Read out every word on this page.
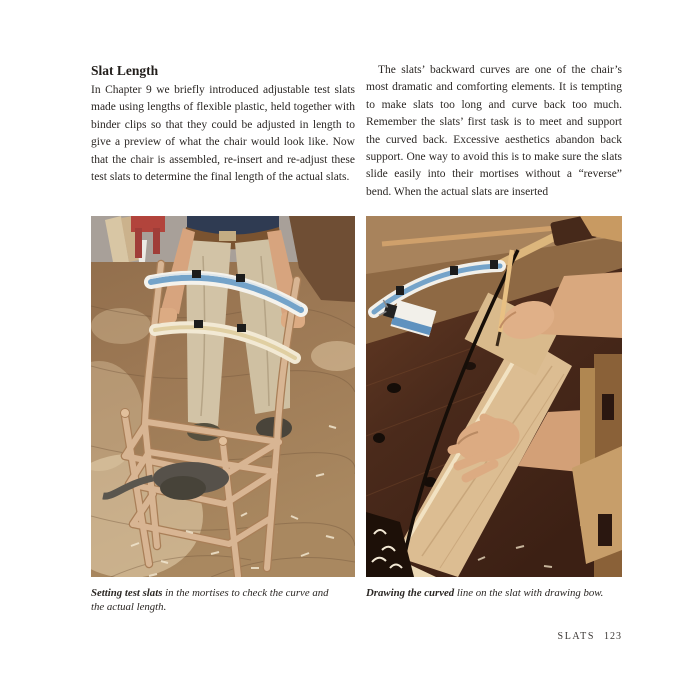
Slat Length

In Chapter 9 we briefly introduced adjustable test slats made using lengths of flexible plastic, held together with binder clips so that they could be adjusted in length to give a preview of what the chair would look like. Now that the chair is assembled, re-insert and re-adjust these test slats to determine the final length of the actual slats.

The slats’ backward curves are one of the chair’s most dramatic and comforting elements. It is tempting to make slats too long and curve back too much. Remember the slats’ first task is to meet and support the curved back. Excessive aesthetics abandon back support. One way to avoid this is to make sure the slats slide easily into their mortises without a “reverse” bend. When the actual slats are inserted

Setting test slats in the mortises to check the curve and the actual length.
Drawing the curved line on the slat with drawing bow.
SLATS 123
